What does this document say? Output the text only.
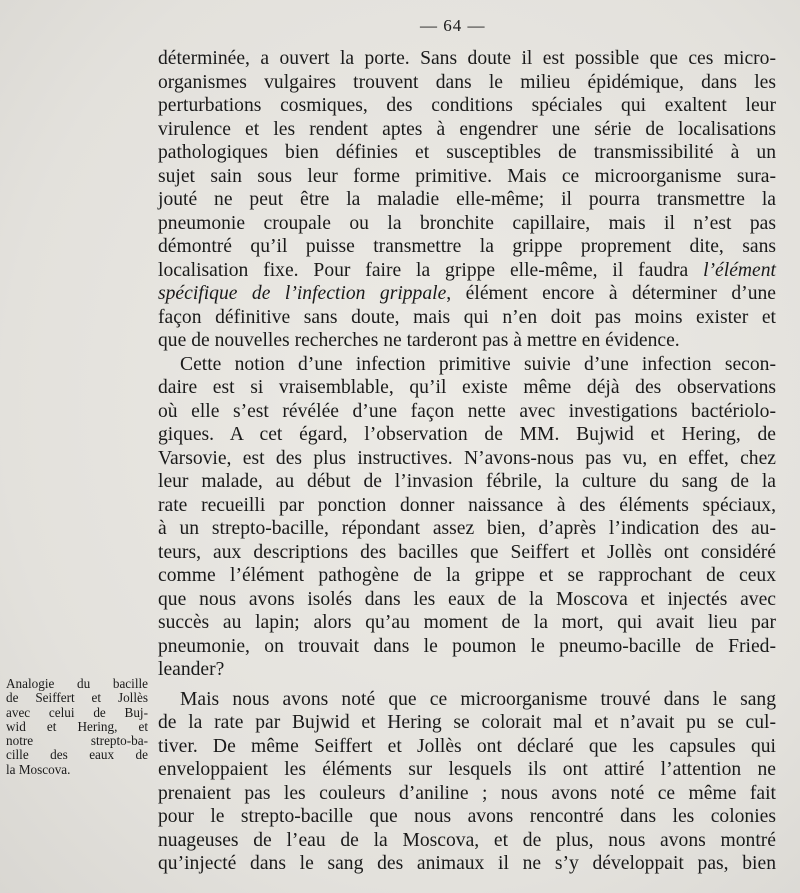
— 64 —
déterminée, a ouvert la porte. Sans doute il est possible que ces micro-
organismes vulgaires trouvent dans le milieu épidémique, dans les
perturbations cosmiques, des conditions spéciales qui exaltent leur
virulence et les rendent aptes à engendrer une série de localisations
pathologiques bien définies et susceptibles de transmissibilité à un
sujet sain sous leur forme primitive. Mais ce microorganisme sura-
jouté ne peut être la maladie elle-même; il pourra transmettre la
pneumonie croupale ou la bronchite capillaire, mais il n’est pas
démontré qu’il puisse transmettre la grippe proprement dite, sans
localisation fixe. Pour faire la grippe elle-même, il faudra l’élément
spécifique de l’infection grippale, élément encore à déterminer d’une
façon définitive sans doute, mais qui n’en doit pas moins exister et
que de nouvelles recherches ne tarderont pas à mettre en évidence.
Cette notion d’une infection primitive suivie d’une infection secon-
daire est si vraisemblable, qu’il existe même déjà des observations
où elle s’est révélée d’une façon nette avec investigations bactériolo-
giques. A cet égard, l’observation de MM. Bujwid et Hering, de
Varsovie, est des plus instructives. N’avons-nous pas vu, en effet, chez
leur malade, au début de l’invasion fébrile, la culture du sang de la
rate recueilli par ponction donner naissance à des éléments spéciaux,
à un strepto-bacille, répondant assez bien, d’après l’indication des au-
teurs, aux descriptions des bacilles que Seiffert et Jollès ont considéré
comme l’élément pathogène de la grippe et se rapprochant de ceux
que nous avons isolés dans les eaux de la Moscova et injectés avec
succès au lapin; alors qu’au moment de la mort, qui avait lieu par
pneumonie, on trouvait dans le poumon le pneumo-bacille de Fried-
leander?
Mais nous avons noté que ce microorganisme trouvé dans le sang
de la rate par Bujwid et Hering se colorait mal et n’avait pu se cul-
tiver. De même Seiffert et Jollès ont déclaré que les capsules qui
enveloppaient les éléments sur lesquels ils ont attiré l’attention ne
prenaient pas les couleurs d’aniline ; nous avons noté ce même fait
pour le strepto-bacille que nous avons rencontré dans les colonies
nuageuses de l’eau de la Moscova, et de plus, nous avons montré
qu’injecté dans le sang des animaux il ne s’y développait pas, bien
Analogie du bacille
de Seiffert et Jollès
avec celui de Buj-
wid et Hering, et
notre strepto-ba-
cille des eaux de
la Moscova.
